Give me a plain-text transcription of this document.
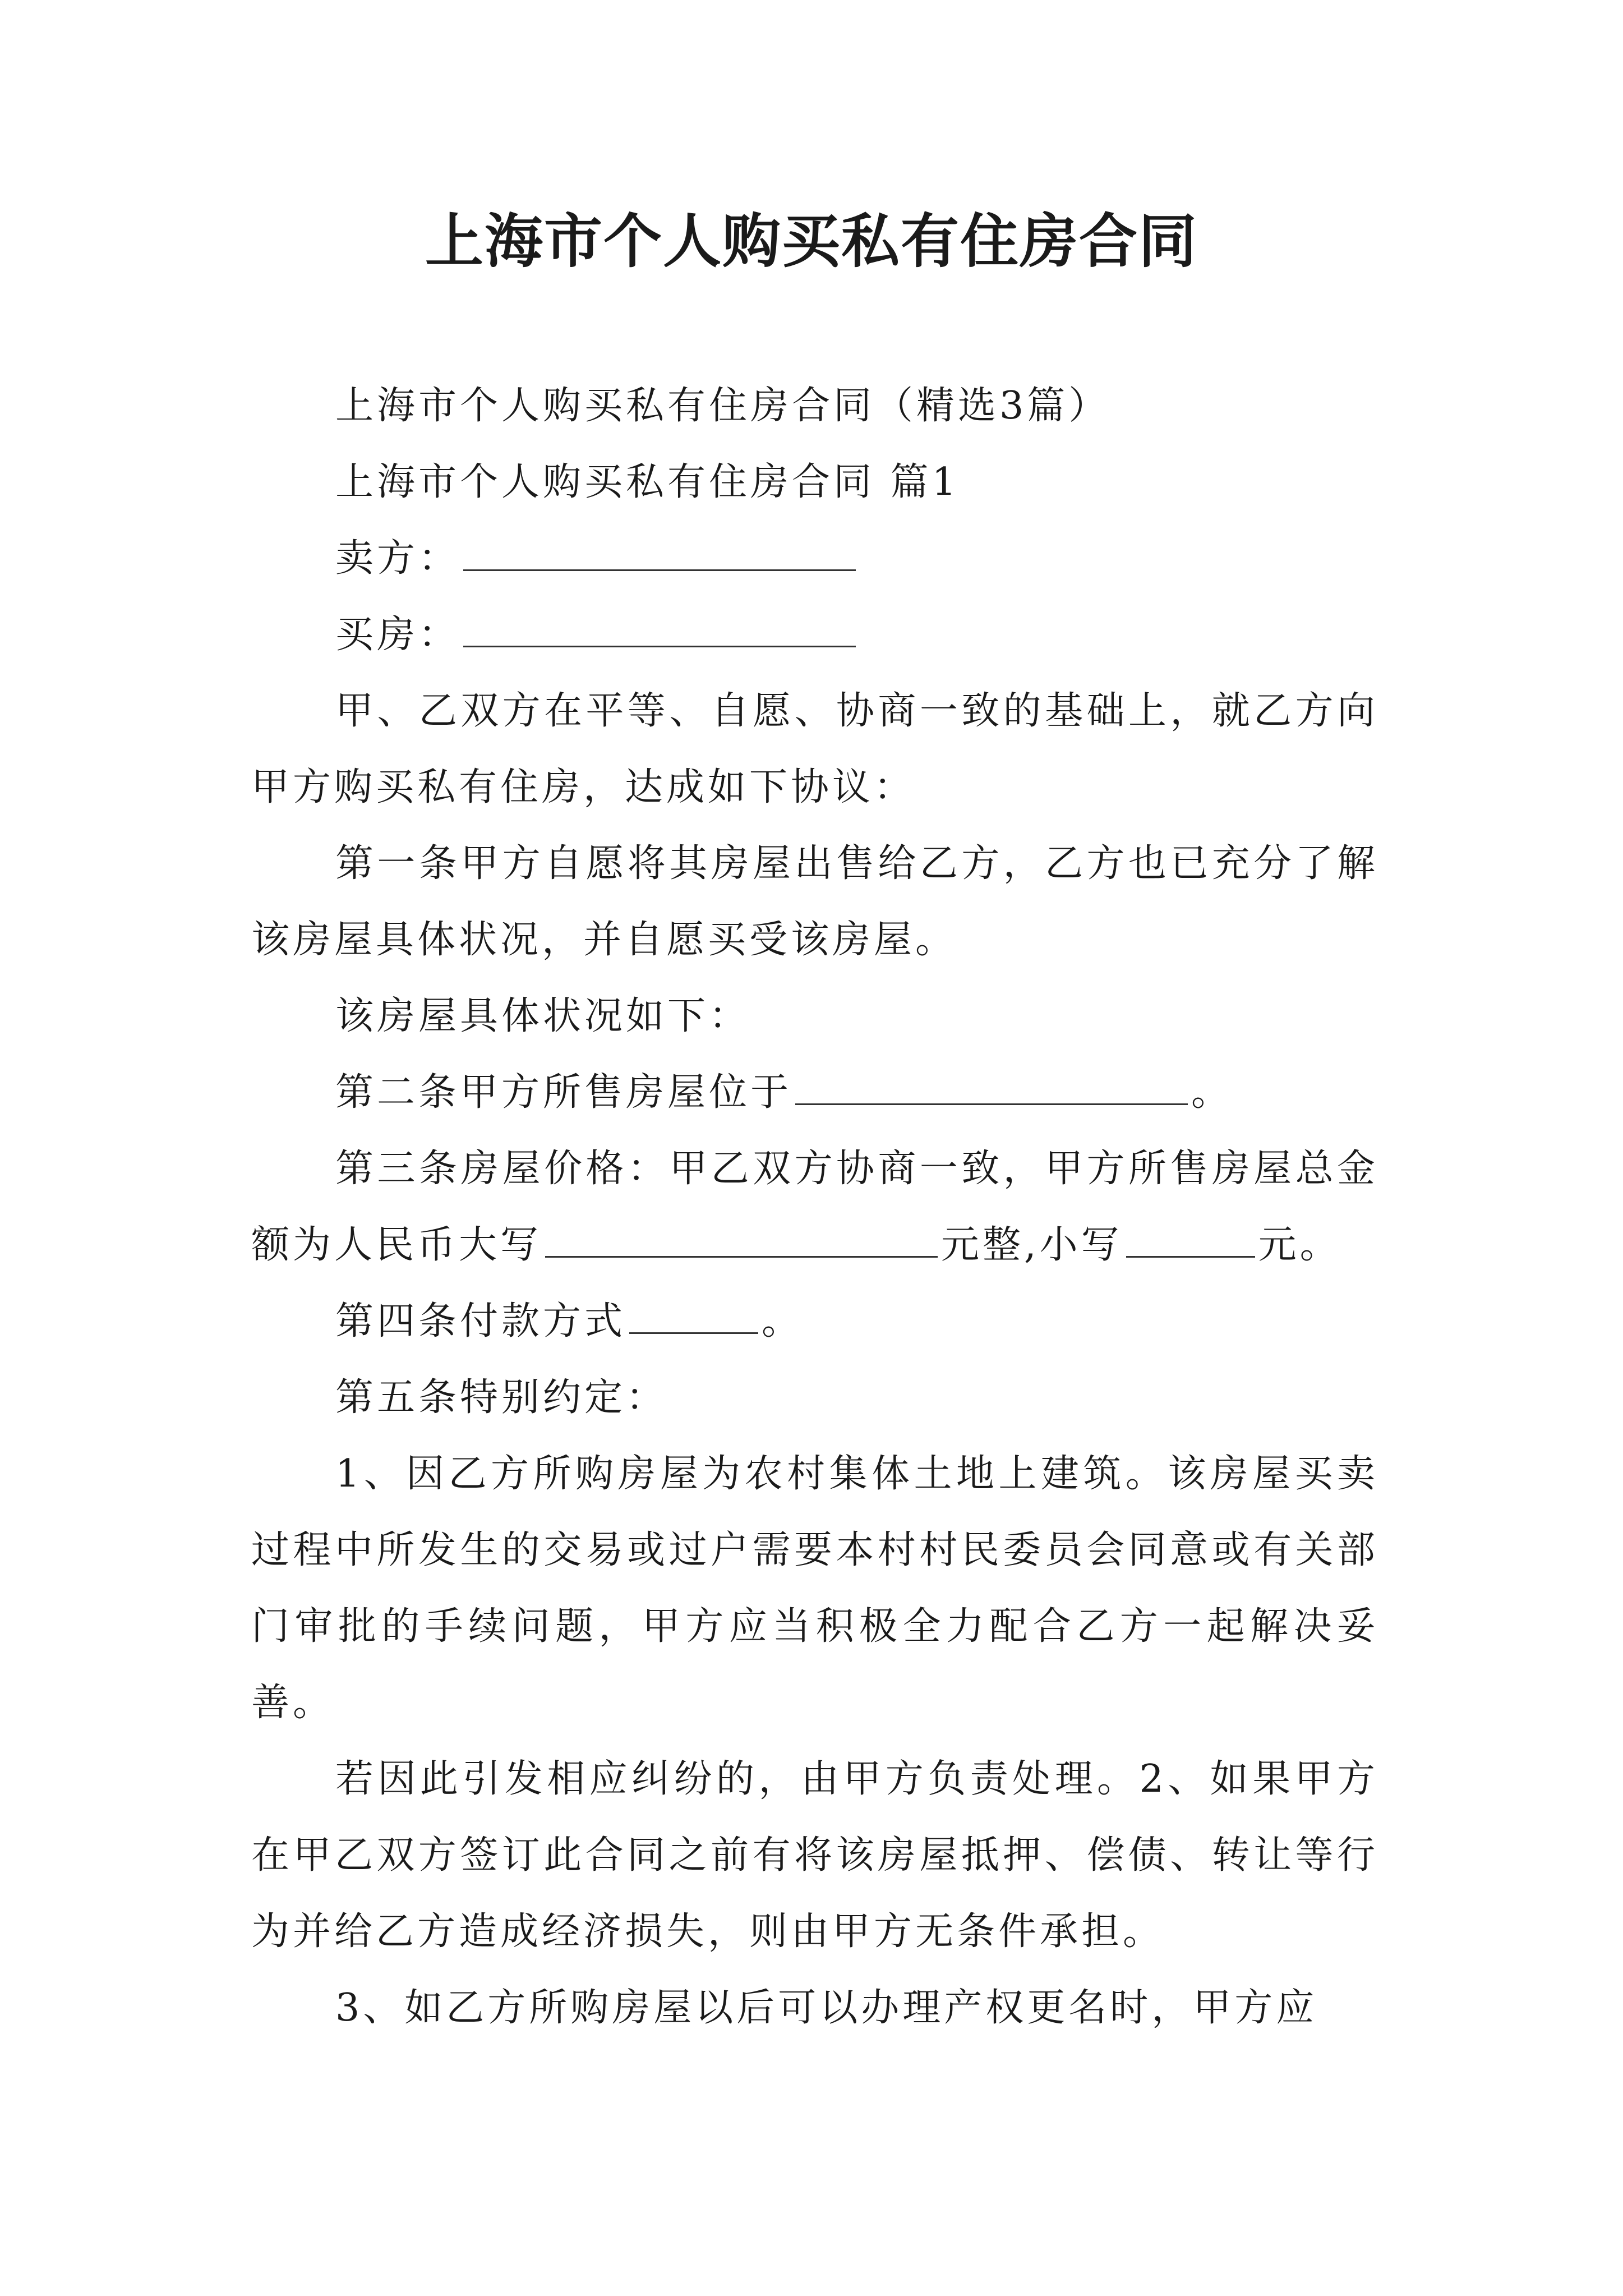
上海市个人购买私有住房合同

上海市个人购买私有住房合同（精选3篇）

上海市个人购买私有住房合同 篇1

卖方：

买房：

甲、乙双方在平等、自愿、协商一致的基础上，就乙方向甲方购买私有住房，达成如下协议：

第一条甲方自愿将其房屋出售给乙方，乙方也已充分了解该房屋具体状况，并自愿买受该房屋。

该房屋具体状况如下：

第二条甲方所售房屋位于	。

第三条房屋价格：甲乙双方协商一致，甲方所售房屋总金额为人民币大写	元整,小写	元。

第四条付款方式	。

第五条特别约定：

1、因乙方所购房屋为农村集体土地上建筑。该房屋买卖过程中所发生的交易或过户需要本村村民委员会同意或有关部门审批的手续问题，甲方应当积极全力配合乙方一起解决妥善。

若因此引发相应纠纷的，由甲方负责处理。2、如果甲方在甲乙双方签订此合同之前有将该房屋抵押、偿债、转让等行为并给乙方造成经济损失，则由甲方无条件承担。

3、如乙方所购房屋以后可以办理产权更名时，甲方应
